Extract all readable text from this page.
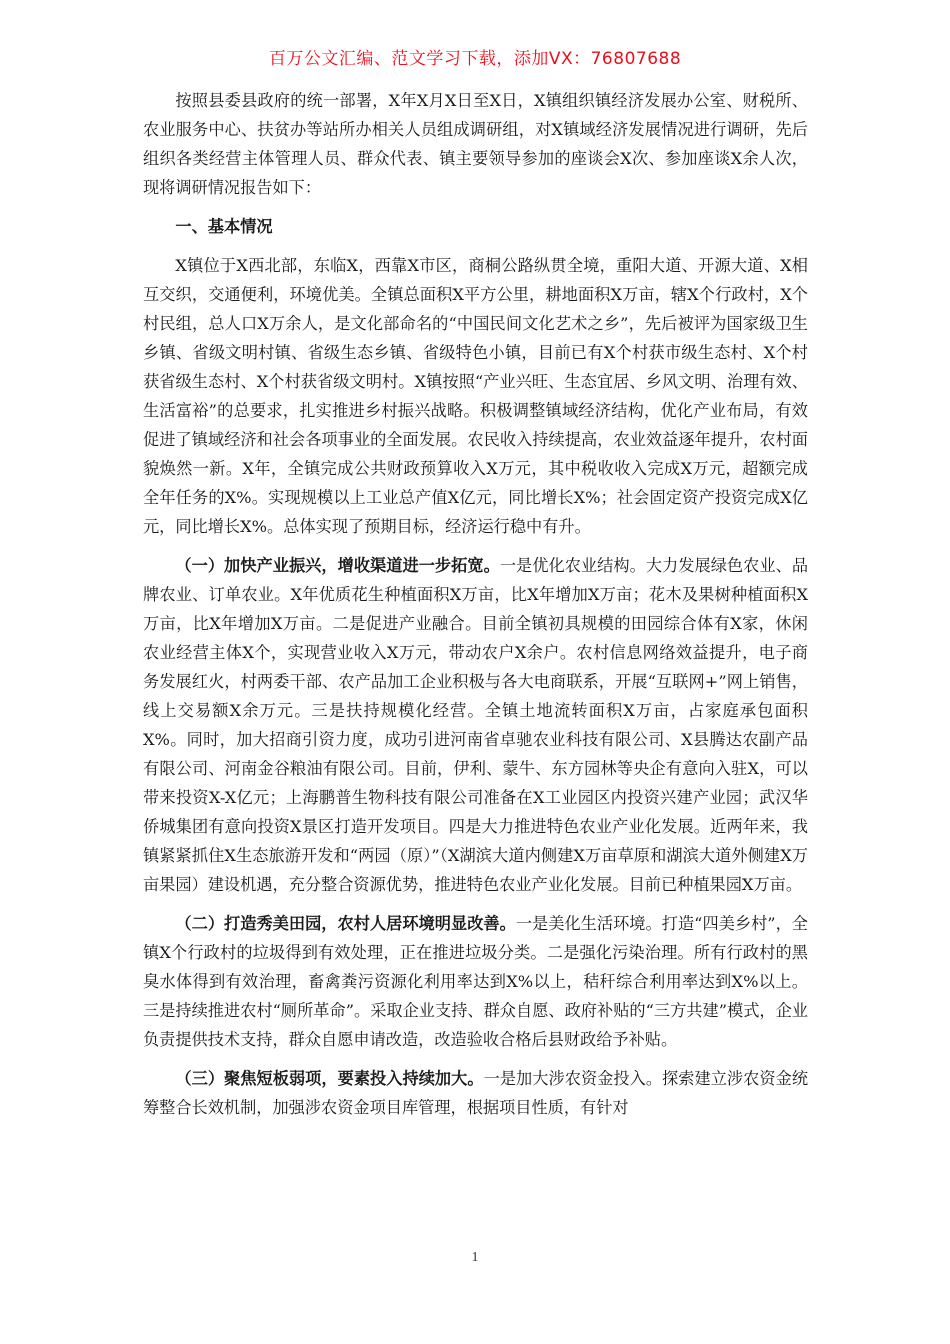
百万公文汇编、范文学习下载，添加VX：76807688

按照县委县政府的统一部署，X年X月X日至X日，X镇组织镇经济发展办公室、财税所、农业服务中心、扶贫办等站所办相关人员组成调研组，对X镇域经济发展情况进行调研，先后组织各类经营主体管理人员、群众代表、镇主要领导参加的座谈会X次、参加座谈X余人次，现将调研情况报告如下：

一、基本情况

X镇位于X西北部，东临X，西靠X市区，商桐公路纵贯全境，重阳大道、开源大道、X相互交织，交通便利，环境优美。全镇总面积X平方公里，耕地面积X万亩，辖X个行政村，X个村民组，总人口X万余人，是文化部命名的“中国民间文化艺术之乡”，先后被评为国家级卫生乡镇、省级文明村镇、省级生态乡镇、省级特色小镇，目前已有X个村获市级生态村、X个村获省级生态村、X个村获省级文明村。X镇按照“产业兴旺、生态宜居、乡风文明、治理有效、生活富裕”的总要求，扎实推进乡村振兴战略。积极调整镇域经济结构，优化产业布局，有效促进了镇域经济和社会各项事业的全面发展。农民收入持续提高，农业效益逐年提升，农村面貌焕然一新。X年，全镇完成公共财政预算收入X万元，其中税收收入完成X万元，超额完成全年任务的X%。实现规模以上工业总产值X亿元，同比增长X%；社会固定资产投资完成X亿元，同比增长X%。总体实现了预期目标，经济运行稳中有升。

（一）加快产业振兴，增收渠道进一步拓宽。一是优化农业结构。大力发展绿色农业、品牌农业、订单农业。X年优质花生种植面积X万亩，比X年增加X万亩；花木及果树种植面积X万亩，比X年增加X万亩。二是促进产业融合。目前全镇初具规模的田园综合体有X家，休闲农业经营主体X个，实现营业收入X万元，带动农户X余户。农村信息网络效益提升，电子商务发展红火，村两委干部、农产品加工企业积极与各大电商联系，开展“互联网+”网上销售，线上交易额X余万元。三是扶持规模化经营。全镇土地流转面积X万亩，占家庭承包面积X%。同时，加大招商引资力度，成功引进河南省卓驰农业科技有限公司、X县腾达农副产品有限公司、河南金谷粮油有限公司。目前，伊利、蒙牛、东方园林等央企有意向入驻X，可以带来投资X-X亿元；上海鹏普生物科技有限公司准备在X工业园区内投资兴建产业园；武汉华侨城集团有意向投资X景区打造开发项目。四是大力推进特色农业产业化发展。近两年来，我镇紧紧抓住X生态旅游开发和“两园（原）”（X湖滨大道内侧建X万亩草原和湖滨大道外侧建X万亩果园）建设机遇，充分整合资源优势，推进特色农业产业化发展。目前已种植果园X万亩。

（二）打造秀美田园，农村人居环境明显改善。一是美化生活环境。打造“四美乡村”，全镇X个行政村的垃圾得到有效处理，正在推进垃圾分类。二是强化污染治理。所有行政村的黑臭水体得到有效治理，畜禽粪污资源化利用率达到X%以上，秸秆综合利用率达到X%以上。三是持续推进农村“厕所革命”。采取企业支持、群众自愿、政府补贴的“三方共建”模式，企业负责提供技术支持，群众自愿申请改造，改造验收合格后县财政给予补贴。

（三）聚焦短板弱项，要素投入持续加大。一是加大涉农资金投入。探索建立涉农资金统筹整合长效机制，加强涉农资金项目库管理，根据项目性质，有针对

1
